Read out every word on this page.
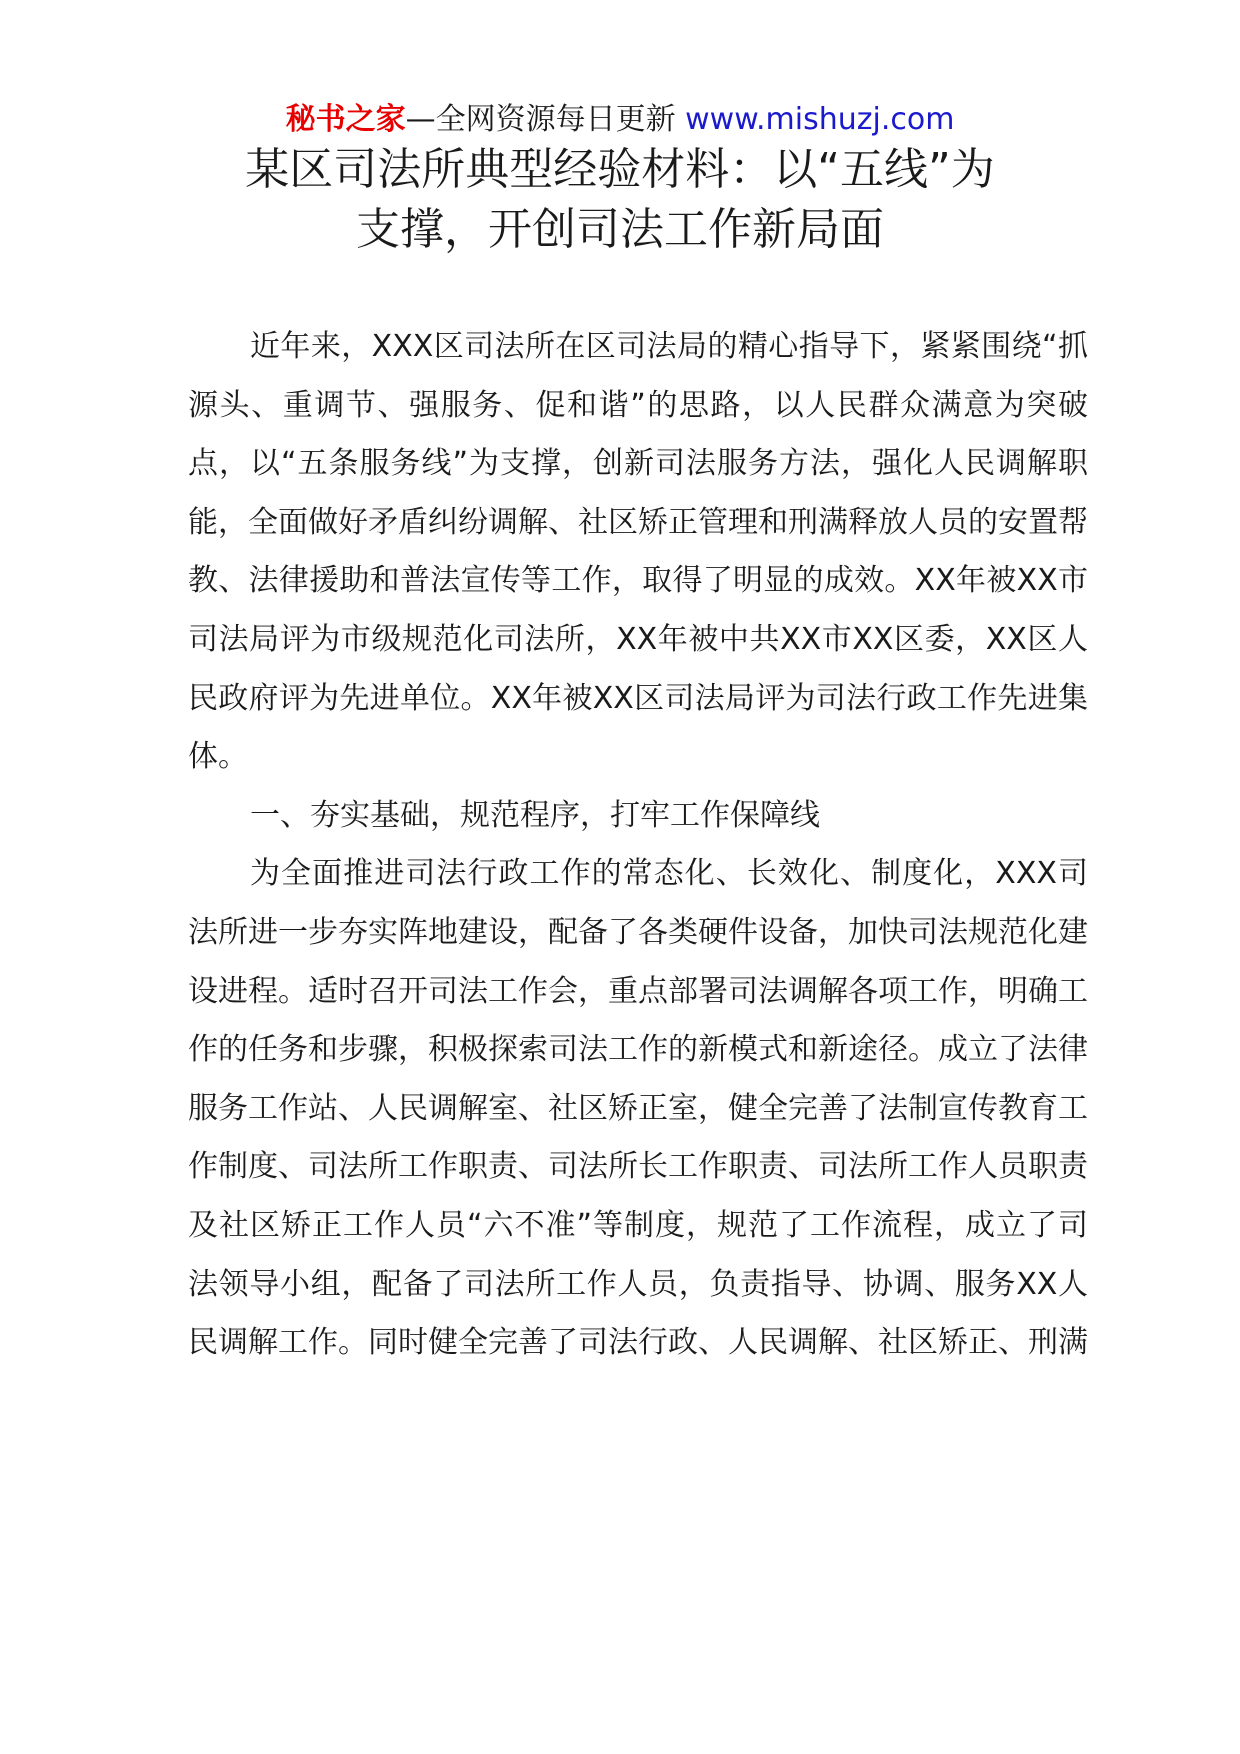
秘书之家—全网资源每日更新 www.mishuzj.com
某区司法所典型经验材料：以“五线”为
支撑，开创司法工作新局面

近年来，XXX区司法所在区司法局的精心指导下，紧紧围绕“抓源头、重调节、强服务、促和谐”的思路，以人民群众满意为突破点，以“五条服务线”为支撑，创新司法服务方法，强化人民调解职能，全面做好矛盾纠纷调解、社区矫正管理和刑满释放人员的安置帮教、法律援助和普法宣传等工作，取得了明显的成效。XX年被XX市司法局评为市级规范化司法所，XX年被中共XX市XX区委，XX区人民政府评为先进单位。XX年被XX区司法局评为司法行政工作先进集体。

一、夯实基础，规范程序，打牢工作保障线

为全面推进司法行政工作的常态化、长效化、制度化，XXX司法所进一步夯实阵地建设，配备了各类硬件设备，加快司法规范化建设进程。适时召开司法工作会，重点部署司法调解各项工作，明确工作的任务和步骤，积极探索司法工作的新模式和新途径。成立了法律服务工作站、人民调解室、社区矫正室，健全完善了法制宣传教育工作制度、司法所工作职责、司法所长工作职责、司法所工作人员职责及社区矫正工作人员“六不准”等制度，规范了工作流程，成立了司法领导小组，配备了司法所工作人员，负责指导、协调、服务XX人民调解工作。同时健全完善了司法行政、人民调解、社区矫正、刑满
